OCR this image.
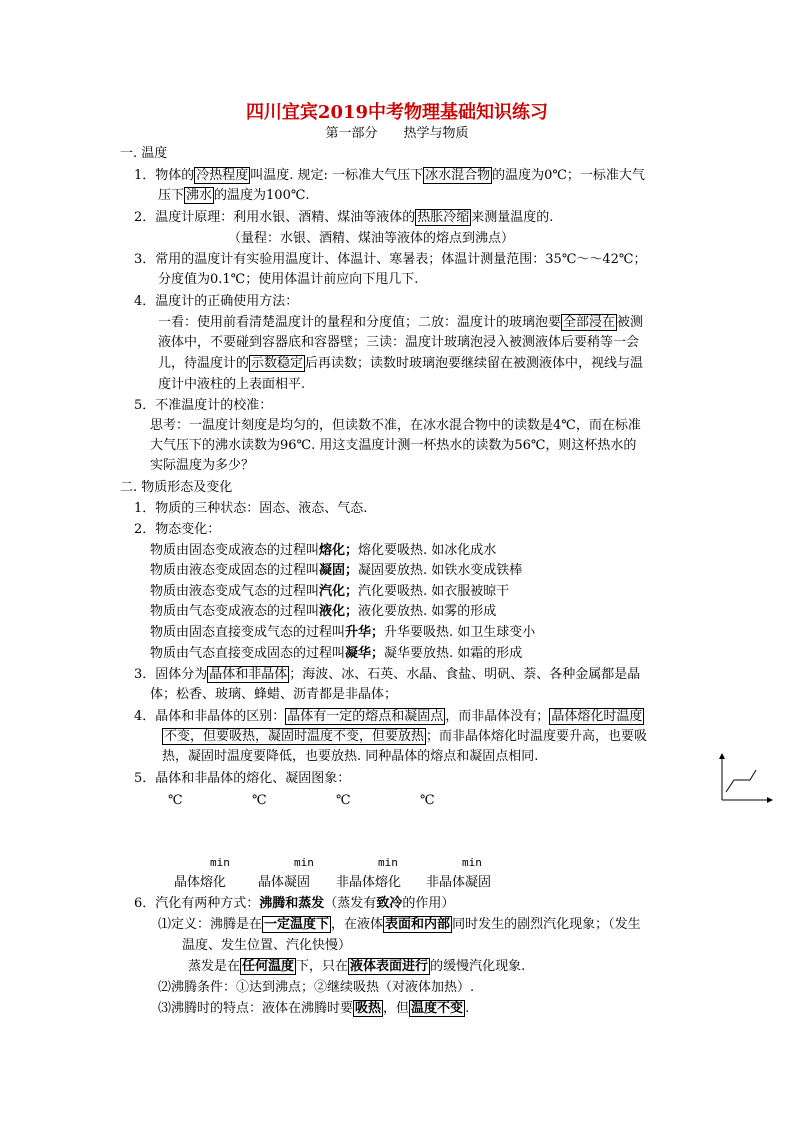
四川宜宾2019中考物理基础知识练习
第一部分　　热学与物质
一. 温度
1．物体的 冷热程度 叫温度. 规定: 一标准大气压下 冰水混合物 的温度为0℃；一标准大气
压下 沸水 的温度为100℃.
2．温度计原理：利用水银、酒精、煤油等液体的 热胀冷缩 来测量温度的.
（量程：水银、酒精、煤油等液体的熔点到沸点）
3．常用的温度计有实验用温度计、体温计、寒暑表；体温计测量范围：35℃～～42℃；
分度值为0.1℃；使用体温计前应向下甩几下.
4．温度计的正确使用方法：
一看：使用前看清楚温度计的量程和分度值；二放：温度计的玻璃泡要 全部浸在 被测
液体中，不要碰到容器底和容器壁；三读：温度计玻璃泡浸入被测液体后要稍等一会
儿，待温度计的 示数稳定 后再读数；读数时玻璃泡要继续留在被测液体中，视线与温
度计中液柱的上表面相平.
5．不准温度计的校准：
思考：一温度计刻度是均匀的，但读数不准，在冰水混合物中的读数是4℃，而在标准
大气压下的沸水读数为96℃. 用这支温度计测一杯热水的读数为56℃，则这杯热水的
实际温度为多少？
二. 物质形态及变化
1．物质的三种状态：固态、液态、气态.
2．物态变化：
物质由固态变成液态的过程叫熔化；熔化要吸热. 如冰化成水
物质由液态变成固态的过程叫凝固；凝固要放热. 如铁水变成铁棒
物质由液态变成气态的过程叫汽化；汽化要吸热. 如衣服被晾干
物质由气态变成液态的过程叫液化；液化要放热. 如雾的形成
物质由固态直接变成气态的过程叫升华；升华要吸热. 如卫生球变小
物质由气态直接变成固态的过程叫凝华；凝华要放热. 如霜的形成
3．固体分为 晶体和非晶体 ；海波、冰、石英、水晶、食盐、明矾、萘、各种金属都是晶
体；松香、玻璃、蜂蜡、沥青都是非晶体；
4．晶体和非晶体的区别： 晶体有一定的熔点和凝固点 ，而非晶体没有； 晶体熔化时温度
不变，但要吸热，凝固时温度不变，但要放热 ；而非晶体熔化时温度要升高，也要吸
热，凝固时温度要降低，也要放热. 同种晶体的熔点和凝固点相同.
5．晶体和非晶体的熔化、凝固图象：
℃	℃	℃	℃
min	min	min	min
晶体熔化 晶体凝固 非晶体熔化 非晶体凝固
6．汽化有两种方式：沸腾和蒸发（蒸发有致冷的作用）
⑴定义：沸腾是在 一定温度下 ，在液体 表面和内部 同时发生的剧烈汽化现象；（发生
温度、发生位置、汽化快慢）
蒸发是在 任何温度 下，只在 液体表面进行 的缓慢汽化现象.
⑵沸腾条件：①达到沸点；②继续吸热（对液体加热）.
⑶沸腾时的特点：液体在沸腾时要 吸热 ，但 温度不变 .
